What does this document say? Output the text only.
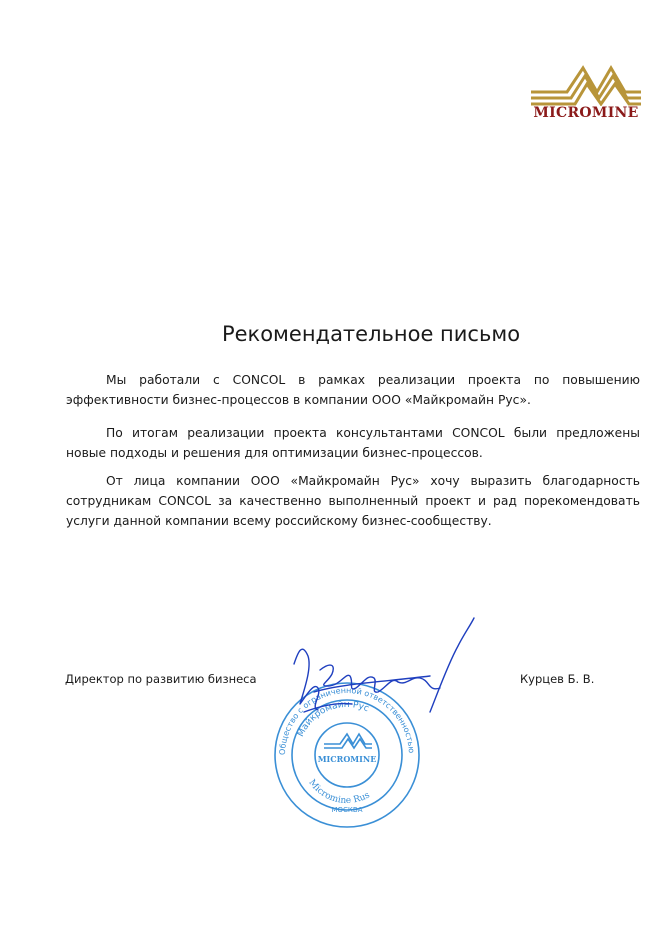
MICROMINE
Рекомендательное письмо

Мы работали с CONCOL в рамках реализации проекта по повышению эффективности бизнес-процессов в компании ООО «Майкромайн Рус».

По итогам реализации проекта консультантами CONCOL были предложены новые подходы и решения для оптимизации бизнес-процессов.

От лица компании ООО «Майкромайн Рус» хочу выразить благодарность сотрудникам CONCOL за качественно выполненный проект и рад порекомендовать услуги данной компании всему российскому бизнес-сообществу.

Директор по развитию бизнеса	Курцев Б. В.
Общество с ограниченной ответственностью
Майкромайн Рус
Micromine Rus
MICROMINE
МОСКВА
